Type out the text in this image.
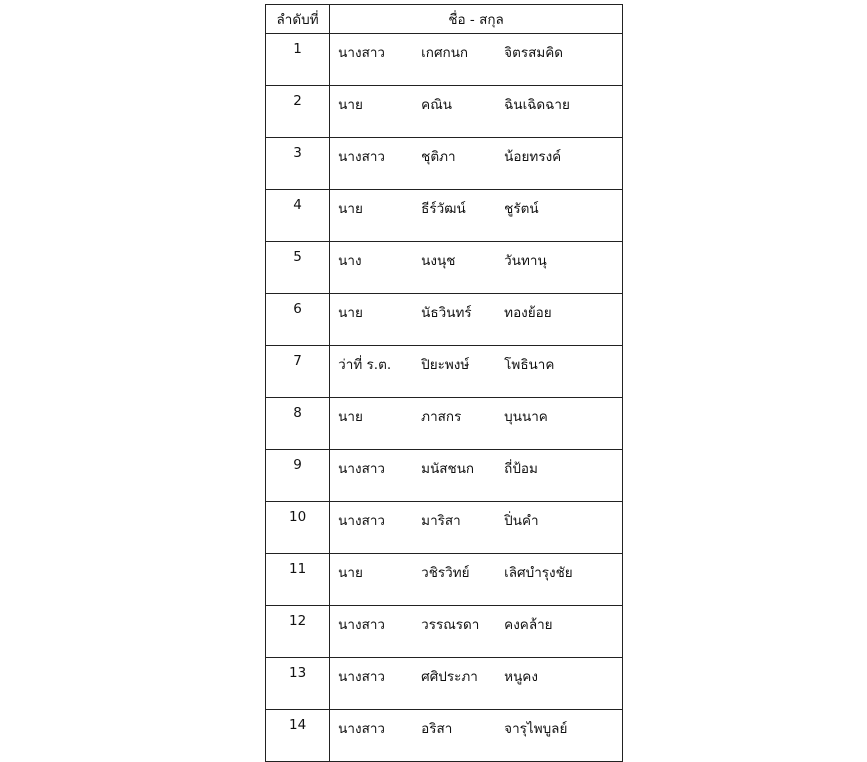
ลำดับที่	ชื่อ - สกุล
1	นางสาว เกศกนก จิตรสมคิด

2	นาย คณิน ฉินเฉิดฉาย

3	นางสาว ชุติภา น้อยทรงค์

4	นาย ธีร์วัฒน์ ชูรัตน์

5	นาง นงนุช วันทานุ

6	นาย นัธวินทร์ ทองย้อย

7	ว่าที่ ร.ต. ปิยะพงษ์ โพธินาค

8	นาย ภาสกร บุนนาค

9	นางสาว มนัสชนก ถี่ป้อม

10	นางสาว มาริสา ปิ่นคำ

11	นาย วชิรวิทย์ เลิศบำรุงชัย

12	นางสาว วรรณรดา คงคล้าย

13	นางสาว ศศิประภา หนูคง

14	นางสาว อริสา จารุไพบูลย์
